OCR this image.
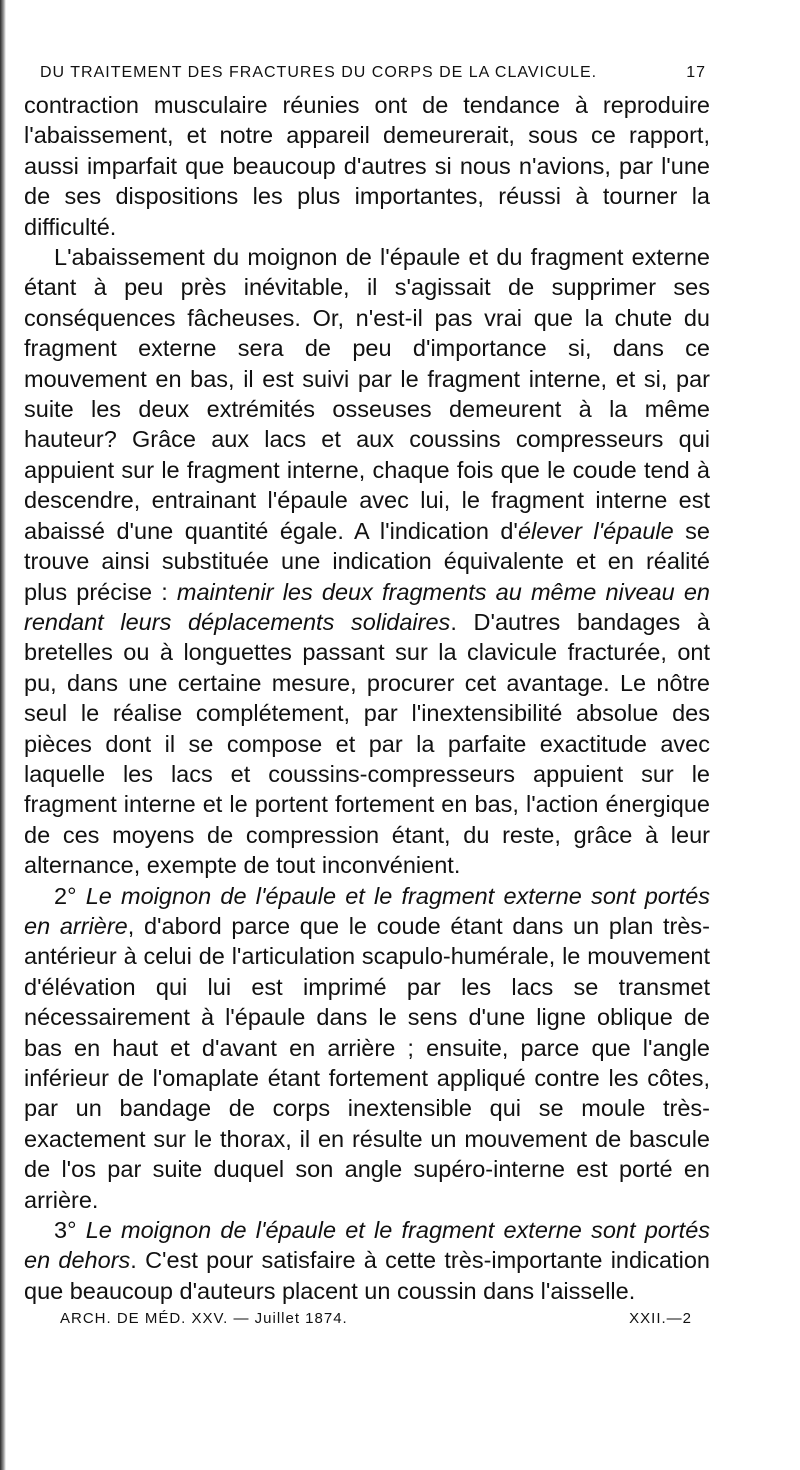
DU TRAITEMENT DES FRACTURES DU CORPS DE LA CLAVICULE.	17

contraction musculaire réunies ont de tendance à reproduire l'abaissement, et notre appareil demeurerait, sous ce rapport, aussi imparfait que beaucoup d'autres si nous n'avions, par l'une de ses dispositions les plus importantes, réussi à tourner la difficulté.

L'abaissement du moignon de l'épaule et du fragment externe étant à peu près inévitable, il s'agissait de supprimer ses conséquences fâcheuses. Or, n'est-il pas vrai que la chute du fragment externe sera de peu d'importance si, dans ce mouvement en bas, il est suivi par le fragment interne, et si, par suite les deux extrémités osseuses demeurent à la même hauteur? Grâce aux lacs et aux coussins compresseurs qui appuient sur le fragment interne, chaque fois que le coude tend à descendre, entrainant l'épaule avec lui, le fragment interne est abaissé d'une quantité égale. A l'indication d'élever l'épaule se trouve ainsi substituée une indication équivalente et en réalité plus précise : maintenir les deux fragments au même niveau en rendant leurs déplacements solidaires. D'autres bandages à bretelles ou à longuettes passant sur la clavicule fracturée, ont pu, dans une certaine mesure, procurer cet avantage. Le nôtre seul le réalise complétement, par l'inextensibilité absolue des pièces dont il se compose et par la parfaite exactitude avec laquelle les lacs et coussins-compresseurs appuient sur le fragment interne et le portent fortement en bas, l'action énergique de ces moyens de compression étant, du reste, grâce à leur alternance, exempte de tout inconvénient.

2° Le moignon de l'épaule et le fragment externe sont portés en arrière, d'abord parce que le coude étant dans un plan très-antérieur à celui de l'articulation scapulo-humérale, le mouvement d'élévation qui lui est imprimé par les lacs se transmet nécessairement à l'épaule dans le sens d'une ligne oblique de bas en haut et d'avant en arrière ; ensuite, parce que l'angle inférieur de l'omaplate étant fortement appliqué contre les côtes, par un bandage de corps inextensible qui se moule très-exactement sur le thorax, il en résulte un mouvement de bascule de l'os par suite duquel son angle supéro-interne est porté en arrière.

3° Le moignon de l'épaule et le fragment externe sont portés en dehors. C'est pour satisfaire à cette très-importante indication que beaucoup d'auteurs placent un coussin dans l'aisselle.

ARCH. DE MÉD. XXV. — Juillet 1874.	XXII.—2
